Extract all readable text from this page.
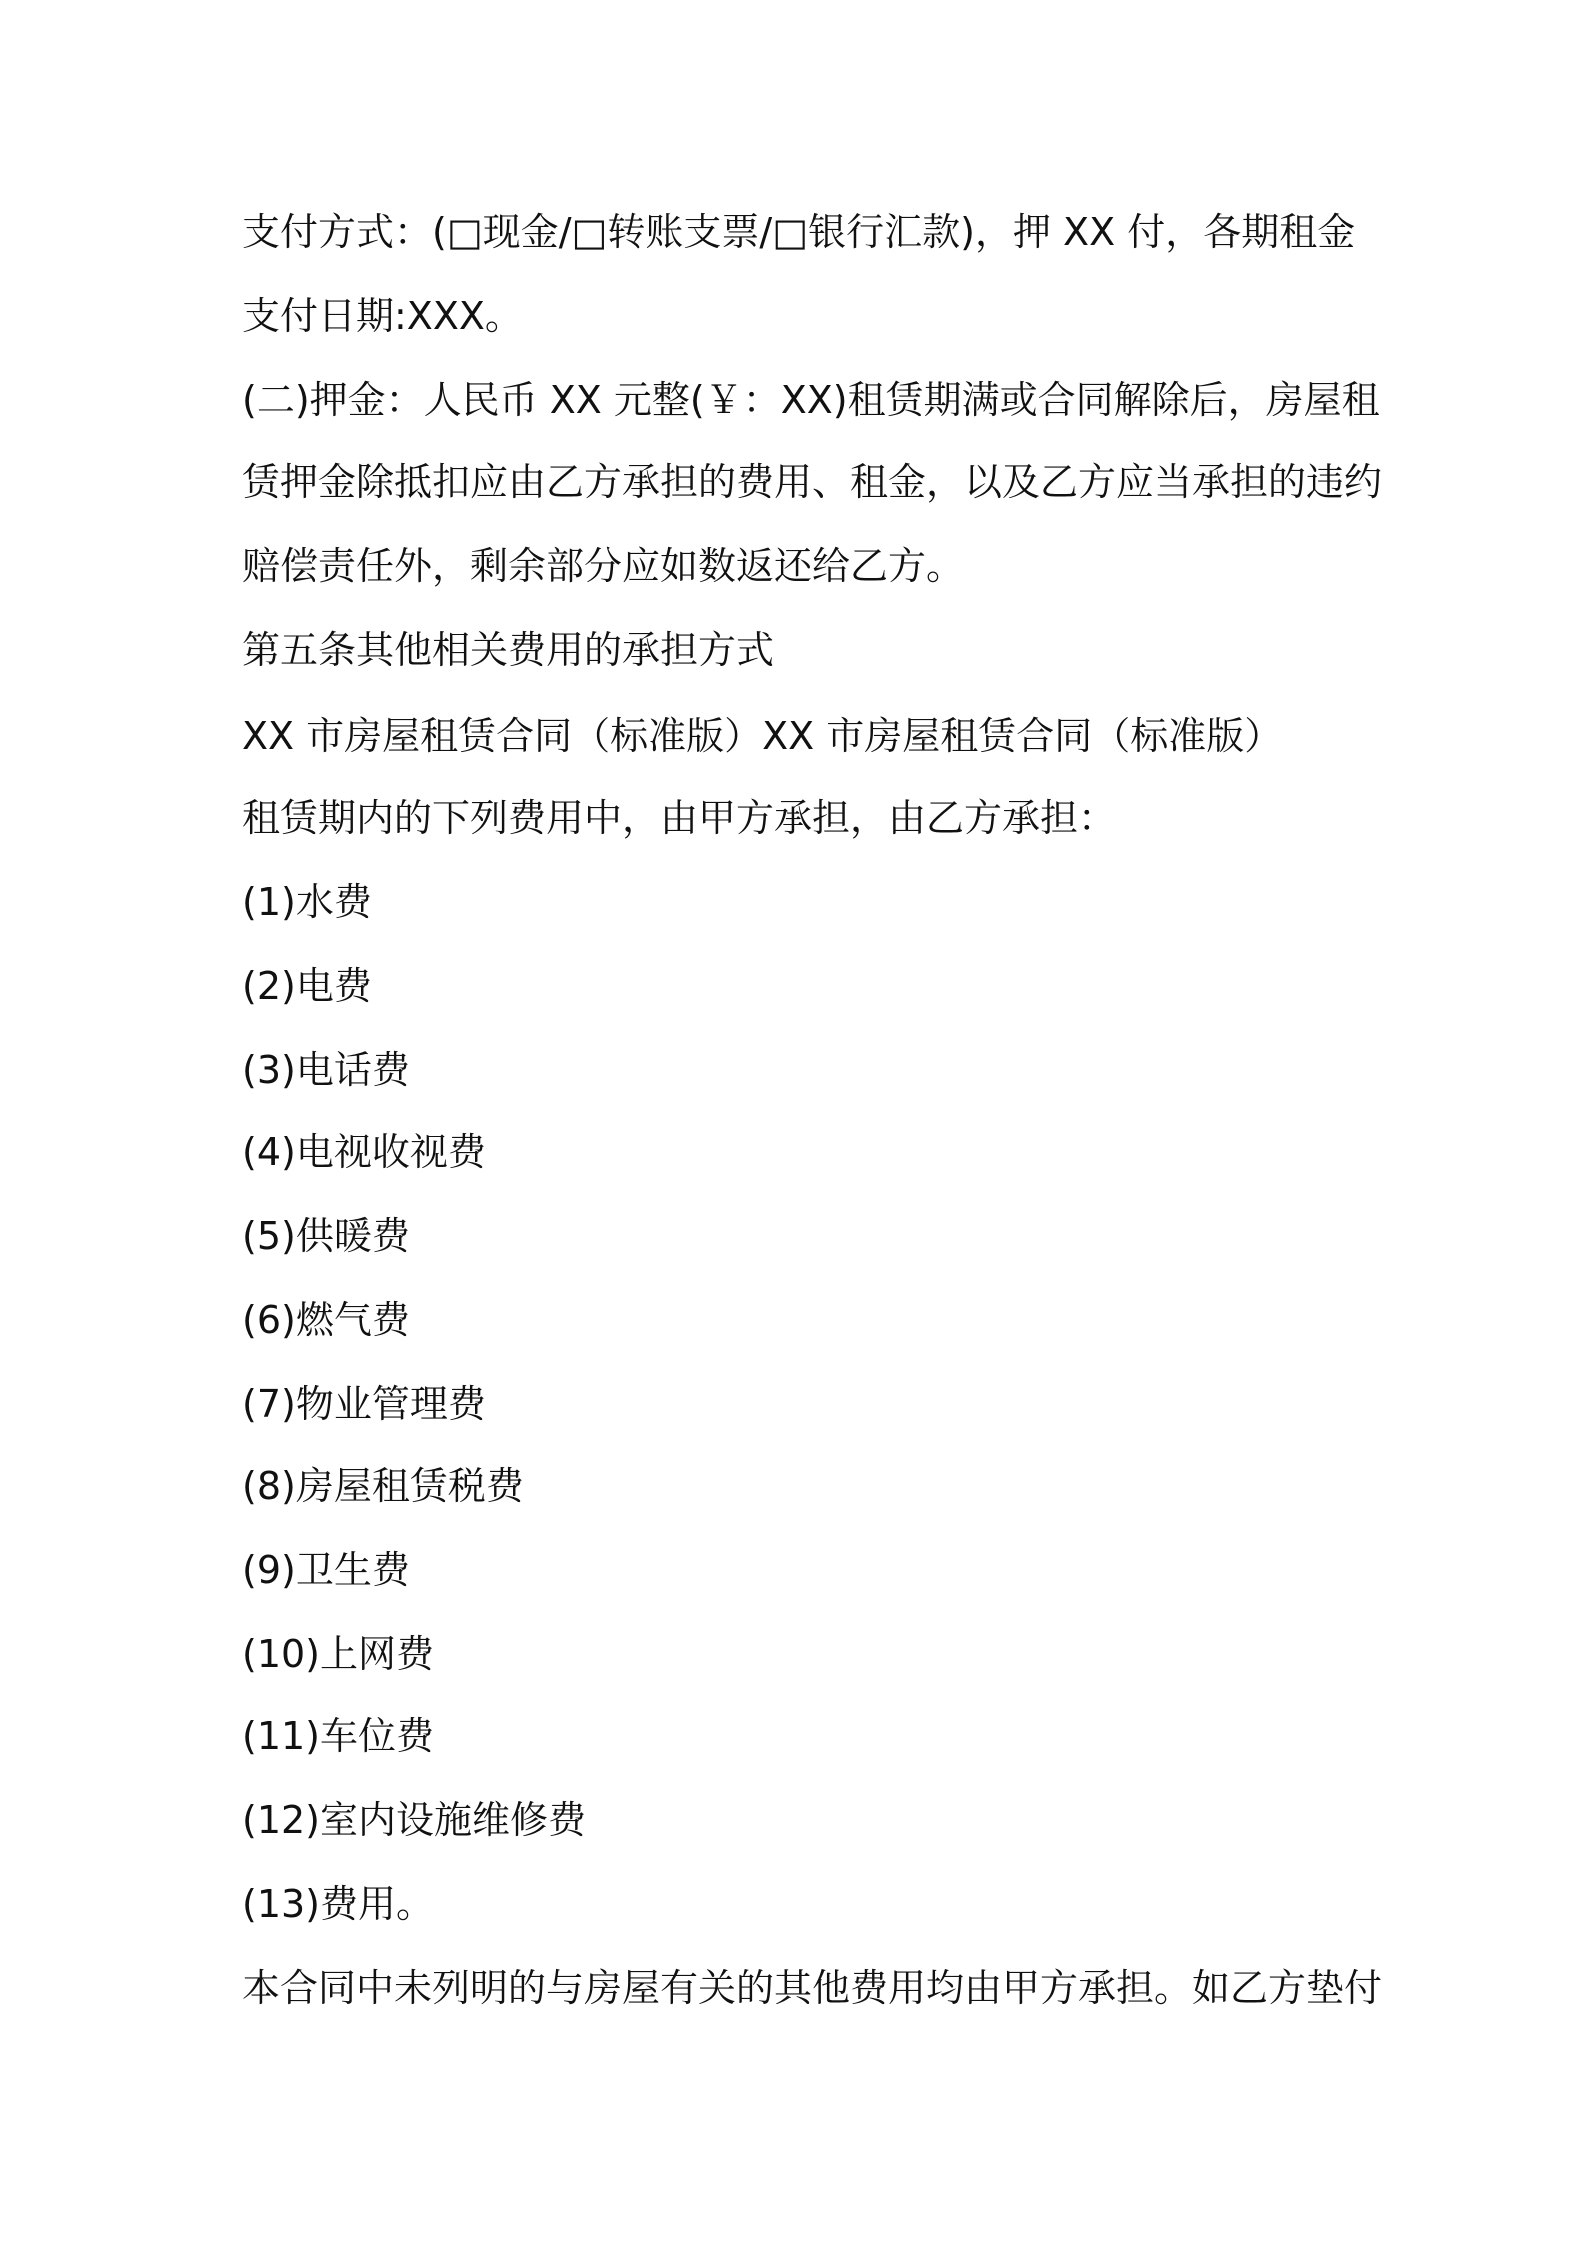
支付方式：(□现金/□转账支票/□银行汇款)，押 XX 付，各期租金
支付日期:XXX。
(二)押金：人民币 XX 元整(￥：XX)租赁期满或合同解除后，房屋租
赁押金除抵扣应由乙方承担的费用、租金，以及乙方应当承担的违约
赔偿责任外，剩余部分应如数返还给乙方。
第五条其他相关费用的承担方式
XX 市房屋租赁合同（标准版）XX 市房屋租赁合同（标准版）
租赁期内的下列费用中，由甲方承担，由乙方承担：
(1)水费
(2)电费
(3)电话费
(4)电视收视费
(5)供暖费
(6)燃气费
(7)物业管理费
(8)房屋租赁税费
(9)卫生费
(10)上网费
(11)车位费
(12)室内设施维修费
(13)费用。
本合同中未列明的与房屋有关的其他费用均由甲方承担。如乙方垫付
